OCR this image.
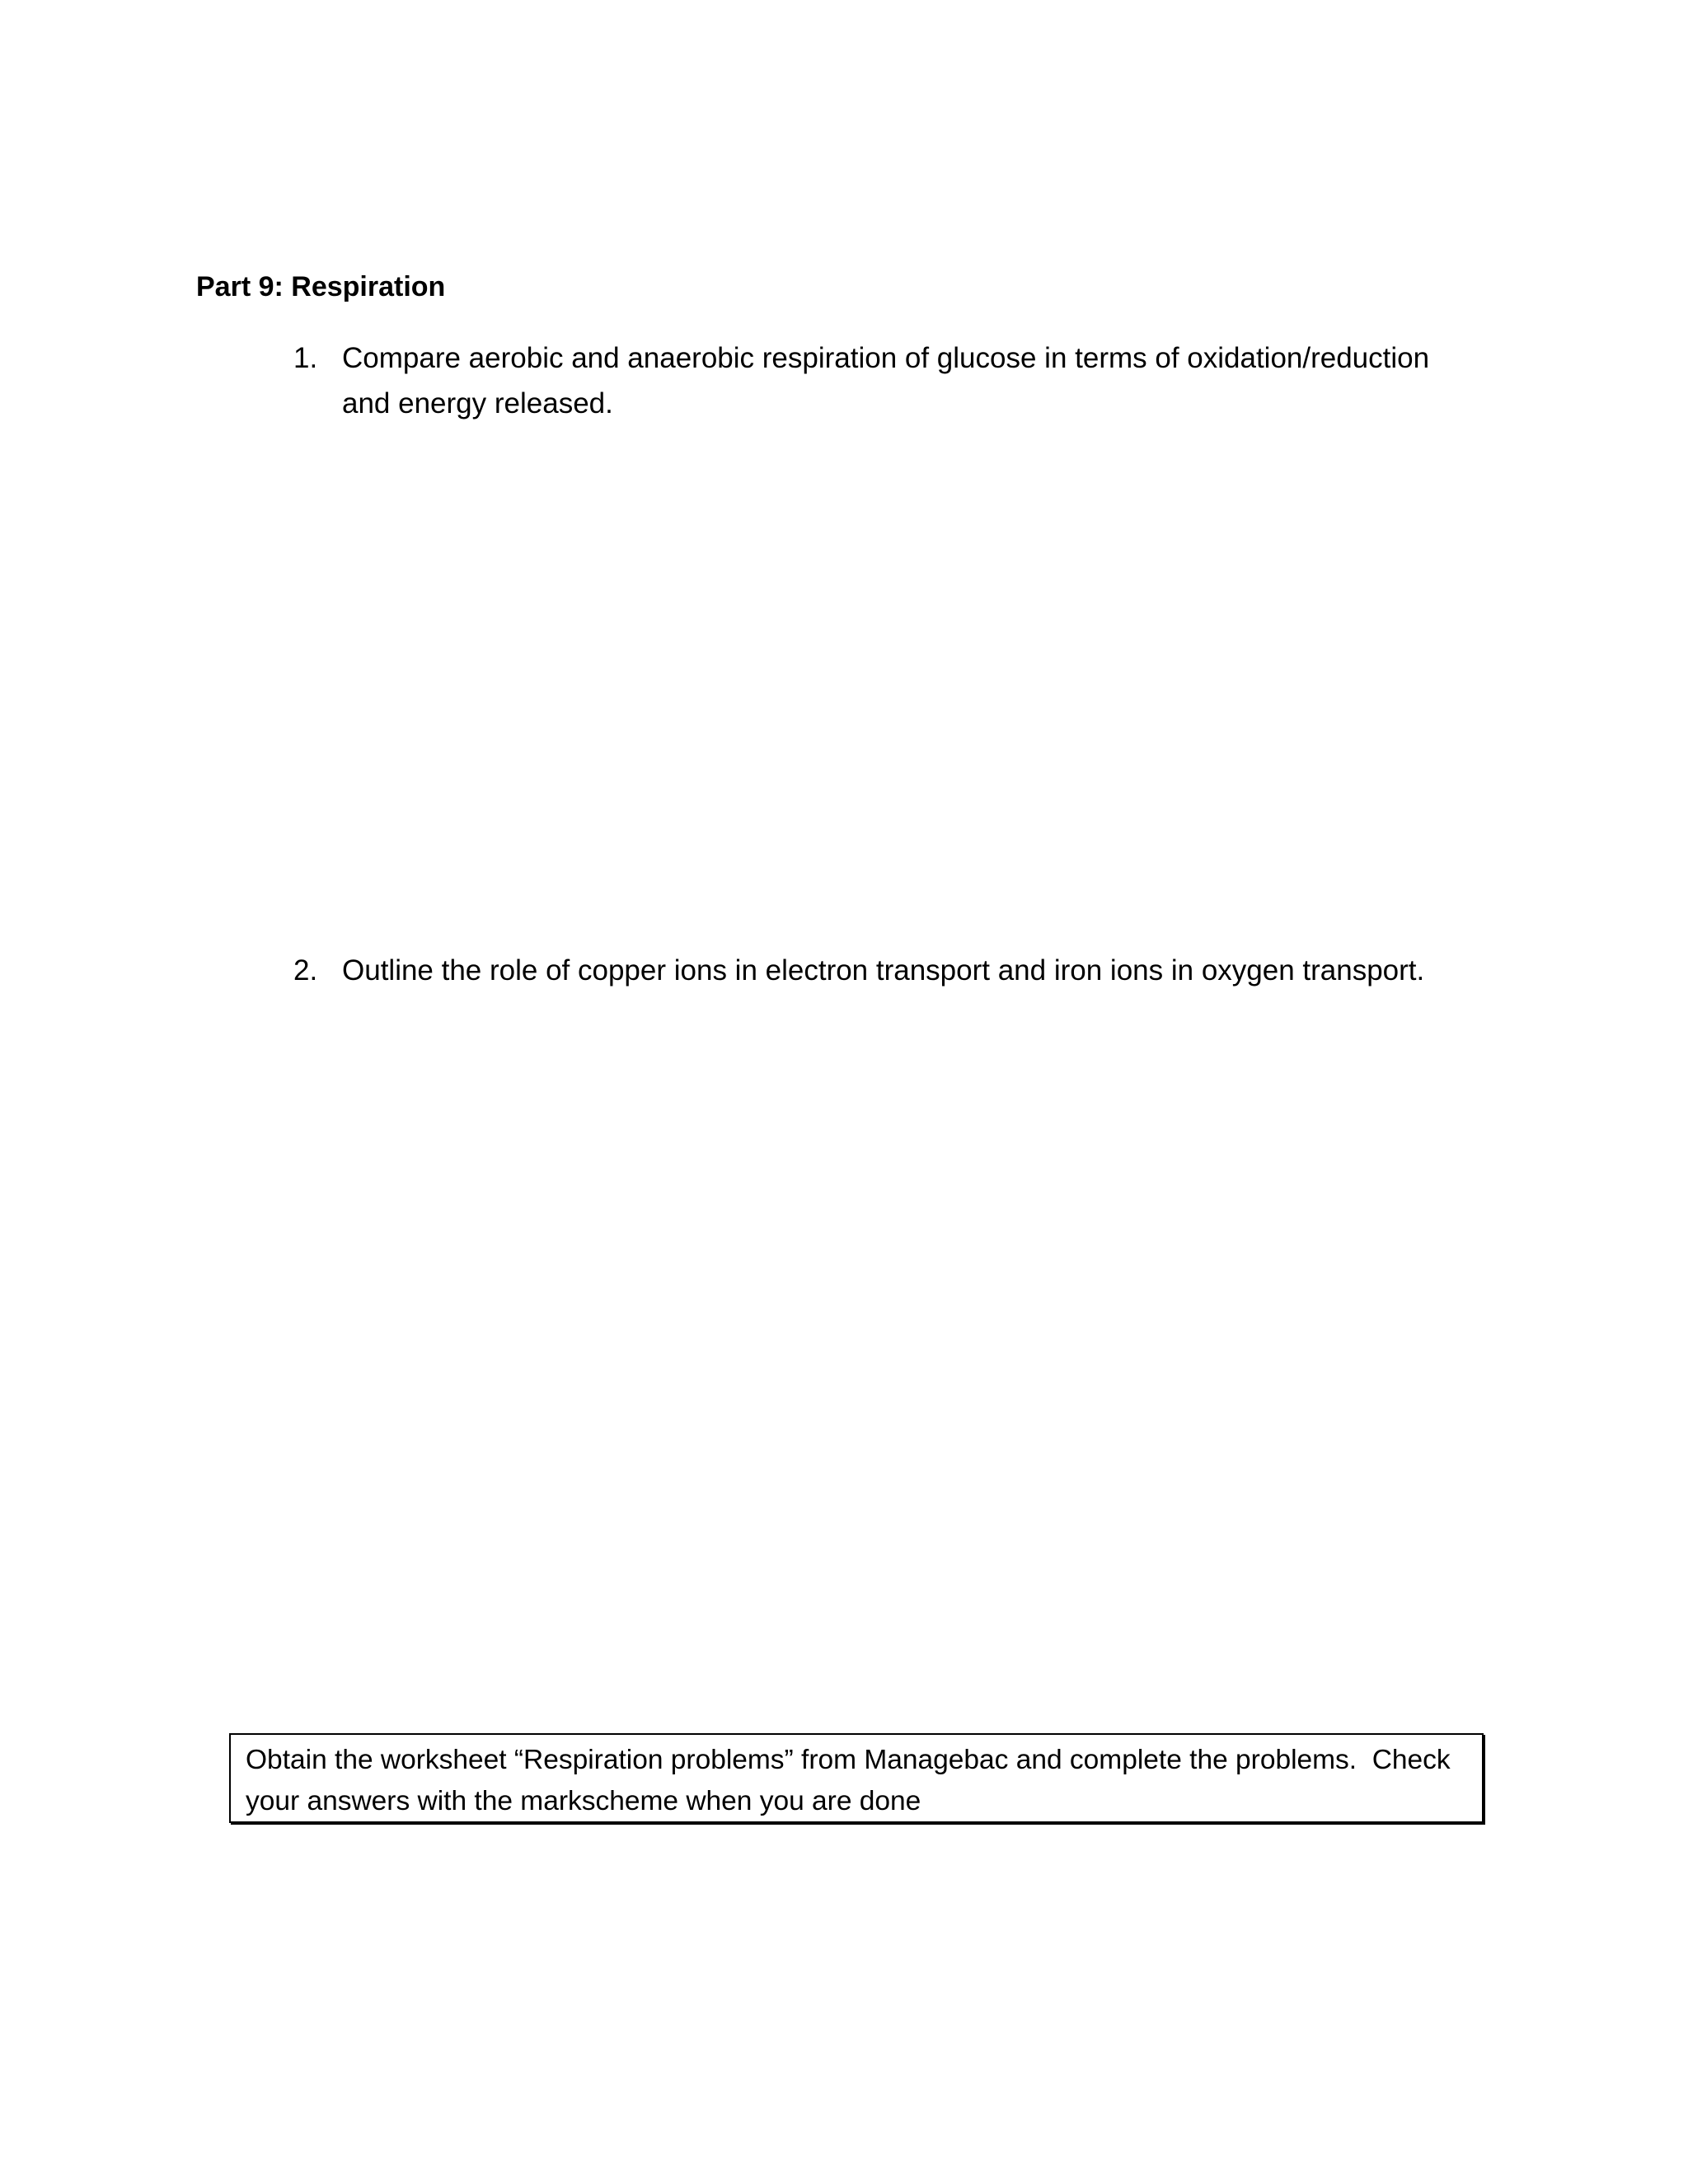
Part 9: Respiration
1. Compare aerobic and anaerobic respiration of glucose in terms of oxidation/reduction and energy released.
2. Outline the role of copper ions in electron transport and iron ions in oxygen transport.
Obtain the worksheet “Respiration problems” from Managebac and complete the problems.  Check
your answers with the markscheme when you are done
